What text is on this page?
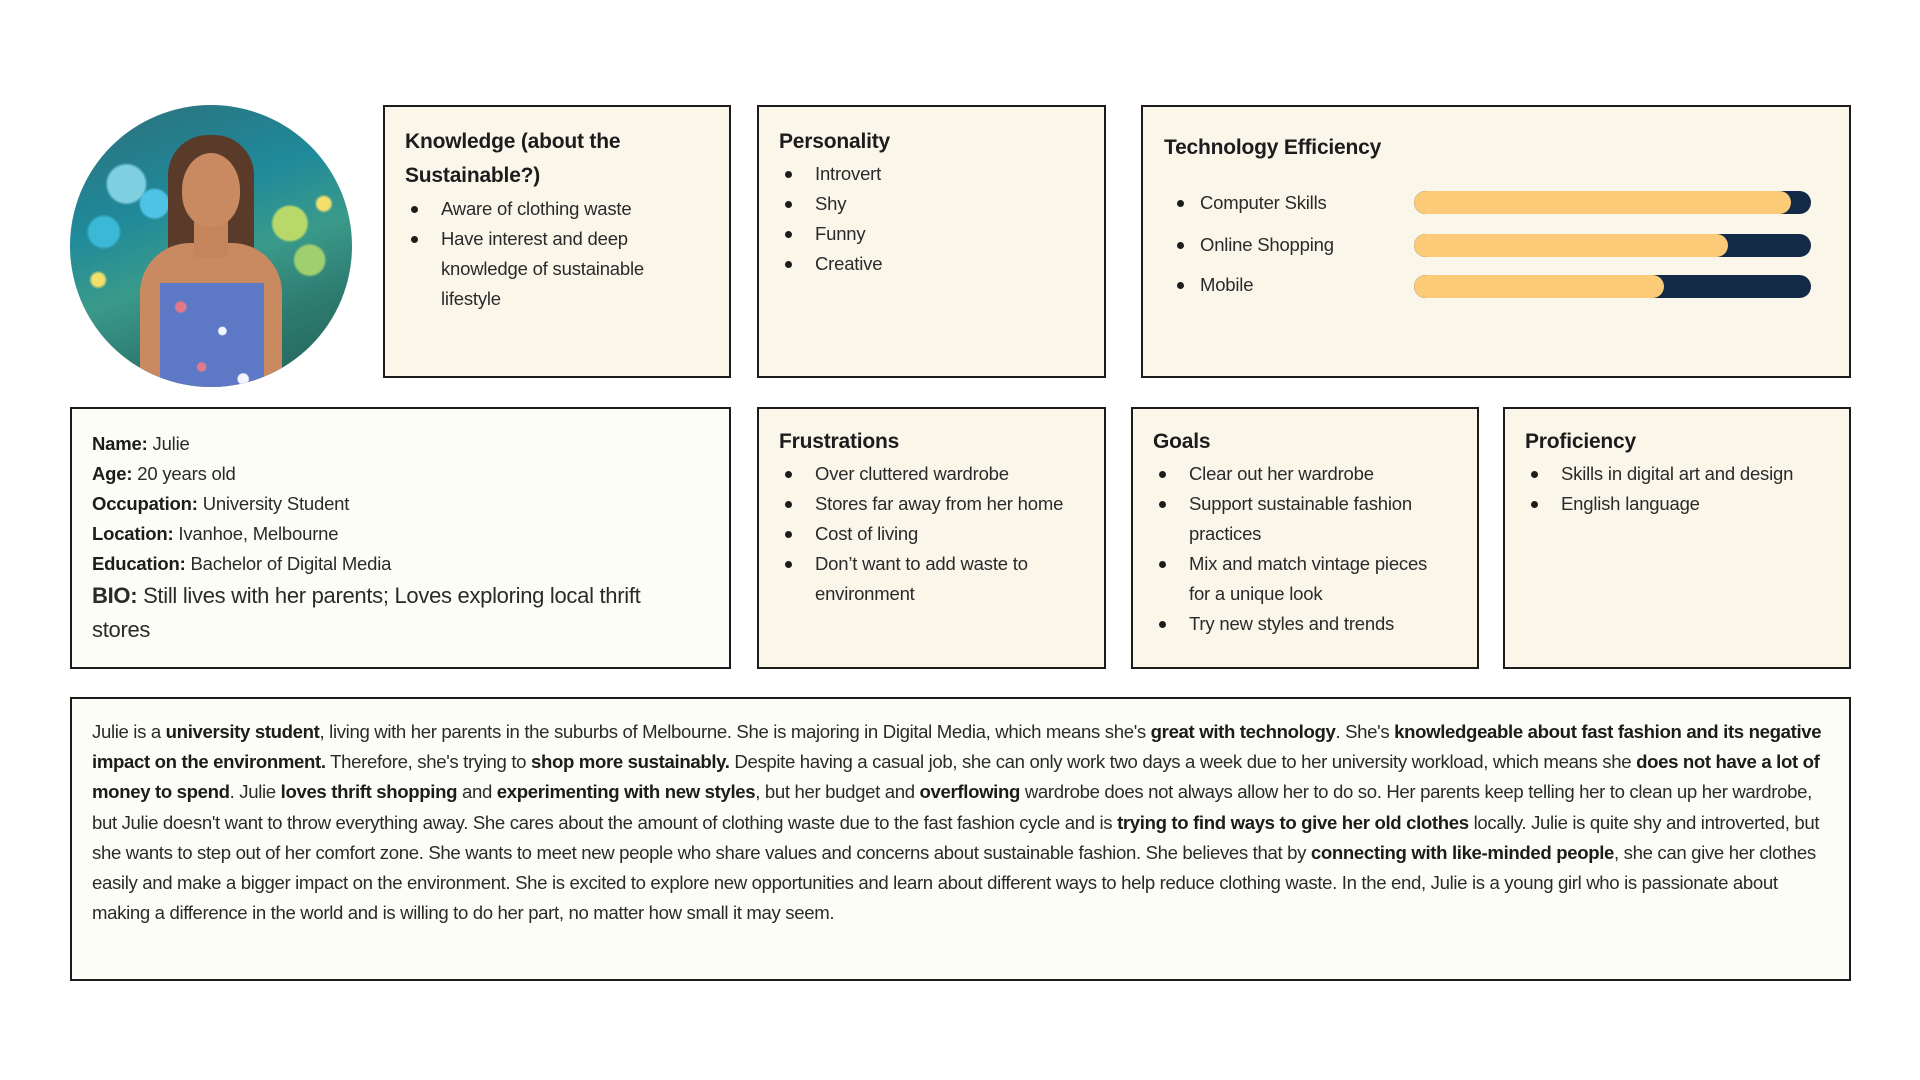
Knowledge (about the Sustainable?)
Aware of clothing waste
Have interest and deep knowledge of sustainable lifestyle
Personality
Introvert
Shy
Funny
Creative
Technology Efficiency
Computer Skills
Online Shopping
Mobile
Name: Julie
Age: 20 years old
Occupation: University Student
Location: Ivanhoe, Melbourne
Education: Bachelor of Digital Media
BIO: Still lives with her parents; Loves exploring local thrift stores
Frustrations
Over cluttered wardrobe
Stores far away from her home
Cost of living
Don’t want to add waste to environment
Goals
Clear out her wardrobe
Support sustainable fashion practices
Mix and match vintage pieces for a unique look
Try new styles and trends
Proficiency
Skills in digital art and design
English language

Julie is a university student, living with her parents in the suburbs of Melbourne. She is majoring in Digital Media, which means she's great with technology. She's knowledgeable about fast fashion and its negative impact on the environment. Therefore, she's trying to shop more sustainably. Despite having a casual job, she can only work two days a week due to her university workload, which means she does not have a lot of money to spend. Julie loves thrift shopping and experimenting with new styles, but her budget and overflowing wardrobe does not always allow her to do so. Her parents keep telling her to clean up her wardrobe, but Julie doesn't want to throw everything away. She cares about the amount of clothing waste due to the fast fashion cycle and is trying to find ways to give her old clothes locally. Julie is quite shy and introverted, but she wants to step out of her comfort zone. She wants to meet new people who share values and concerns about sustainable fashion. She believes that by connecting with like-minded people, she can give her clothes easily and make a bigger impact on the environment. She is excited to explore new opportunities and learn about different ways to help reduce clothing waste. In the end, Julie is a young girl who is passionate about making a difference in the world and is willing to do her part, no matter how small it may seem.
